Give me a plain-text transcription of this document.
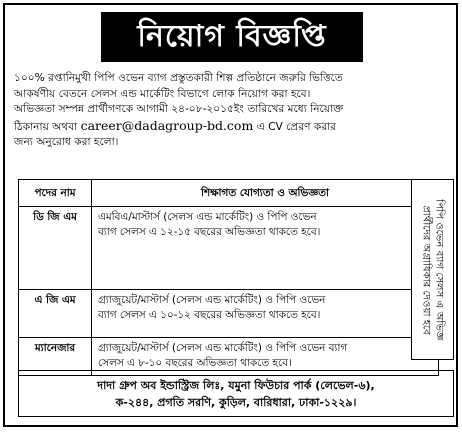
নিয়োগ বিজ্ঞপ্তি

১০০% রপ্তানিমুখী পিপি ওভেন ব্যাগ প্রস্তুতকারী শিল্প প্রতিষ্ঠানে জরুরি ভিত্তিতে

আকর্ষণীয় বেতনে সেলস এন্ড মার্কেটিং বিভাগে লোক নিয়োগ করা হবে।

অভিজ্ঞতা সম্পন্ন প্রার্থীগণকে আগামী ২৪-০৮-২০১৫ইং তারিখের মধ্যে নিয়োক্ত

ঠিকানায় অথবা career@dadagroup-bd.com এ CV প্রেরণ করার

জন্য অনুরোধ করা হলো।

পদের নাম	শিক্ষাগত যোগ্যতা ও অভিজ্ঞতা
ডি জি এম	এমবিএ/মাস্টার্স (সেলস এন্ড মার্কেটিং) ও পিপি ওভেন
ব্যাগ সেলস এ ১২-১৫ বছরের অভিজ্ঞতা থাকতে হবে।

এ জি এম	গ্র্যাজুয়েট/মাস্টার্স (সেলস এন্ড মার্কেটিং) ও পিপি ওভেন
ব্যাগ সেলস এ ১০-১২ বছরের অভিজ্ঞতা থাকতে হবে।

ম্যানেজার	গ্র্যাজুয়েট/মাস্টার্স (সেলস এন্ড মার্কেটিং) ও পিপি ওভেন ব্যাগ
সেলস এ ৮-১০ বছরের অভিজ্ঞতা থাকতে হবে।
পিপি ওভেন ব্যাগ সেলস এ অভিজ্ঞ
প্রার্থীদের অগ্রাধিকার দেওয়া হবে
দাদা গ্রুপ অব ইন্ডাস্ট্রিজ লিঃ, যমুনা ফিউচার পার্ক (লেভেল-৬),
ক-২৪৪, প্রগতি সরণি, কুড়িল, বারিধারা, ঢাকা-১২২৯।
